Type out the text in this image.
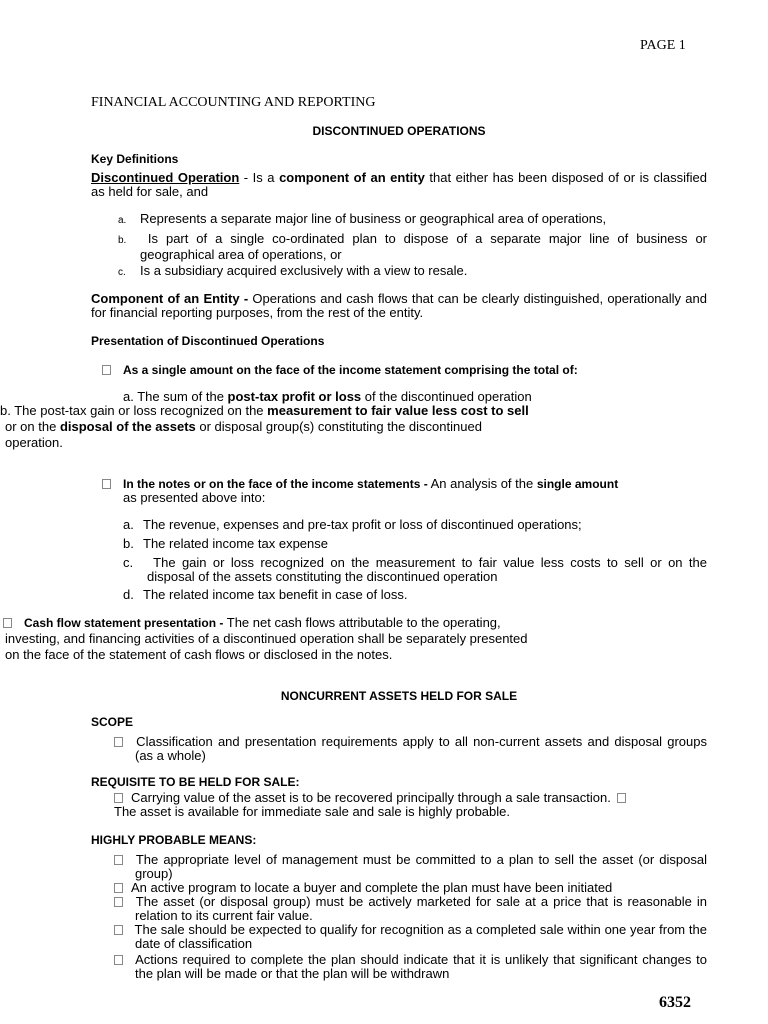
PAGE 1
FINANCIAL ACCOUNTING AND REPORTING
DISCONTINUED OPERATIONS
Key Definitions

Discontinued Operation - Is a component of an entity that either has been disposed of or is classified as held for sale, and

a. Represents a separate major line of business or geographical area of operations,
b. Is part of a single co-ordinated plan to dispose of a separate major line of business or geographical area of operations, or
c. Is a subsidiary acquired exclusively with a view to resale.

Component of an Entity - Operations and cash flows that can be clearly distinguished, operationally and for financial reporting purposes, from the rest of the entity.

Presentation of Discontinued Operations
As a single amount on the face of the income statement comprising the total of:
a. The sum of the post-tax profit or loss of the discontinued operation
b. The post-tax gain or loss recognized on the measurement to fair value less cost to sell
or on the disposal of the assets or disposal group(s) constituting the discontinued
operation.
In the notes or on the face of the income statements - An analysis of the single amount
as presented above into:
a. The revenue, expenses and pre-tax profit or loss of discontinued operations;
b. The related income tax expense
c. The gain or loss recognized on the measurement to fair value less costs to sell or on the disposal of the assets constituting the discontinued operation
d. The related income tax benefit in case of loss.
Cash flow statement presentation - The net cash flows attributable to the operating,
investing, and financing activities of a discontinued operation shall be separately presented
on the face of the statement of cash flows or disclosed in the notes.
NONCURRENT ASSETS HELD FOR SALE
SCOPE
Classification and presentation requirements apply to all non-current assets and disposal groups (as a whole)
REQUISITE TO BE HELD FOR SALE:
Carrying value of the asset is to be recovered principally through a sale transaction.
The asset is available for immediate sale and sale is highly probable.
HIGHLY PROBABLE MEANS:
The appropriate level of management must be committed to a plan to sell the asset (or disposal group)
An active program to locate a buyer and complete the plan must have been initiated
The asset (or disposal group) must be actively marketed for sale at a price that is reasonable in relation to its current fair value.
The sale should be expected to qualify for recognition as a completed sale within one year from the date of classification
Actions required to complete the plan should indicate that it is unlikely that significant changes to the plan will be made or that the plan will be withdrawn
6352
